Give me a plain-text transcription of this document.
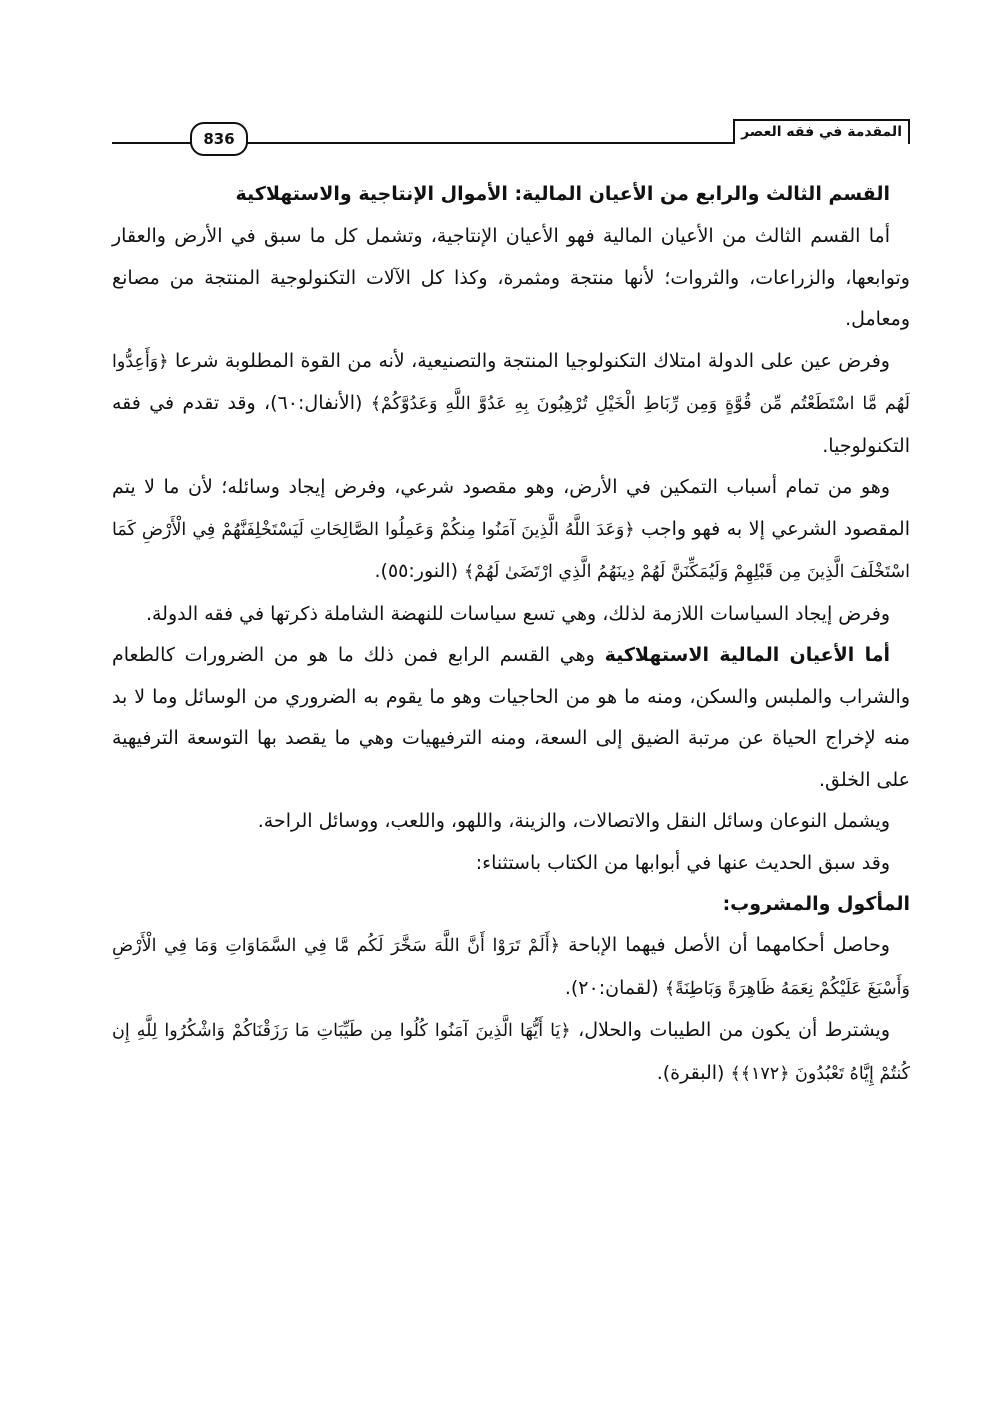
المقدمة في فقه العصر
836

القسم الثالث والرابع من الأعيان المالية: الأموال الإنتاجية والاستهلاكية

أما القسم الثالث من الأعيان المالية فهو الأعيان الإنتاجية، وتشمل كل ما سبق في الأرض والعقار وتوابعها، والزراعات، والثروات؛ لأنها منتجة ومثمرة، وكذا كل الآلات التكنولوجية المنتجة من مصانع ومعامل.

وفرض عين على الدولة امتلاك التكنولوجيا المنتجة والتصنيعية، لأنه من القوة المطلوبة شرعا ﴿وَأَعِدُّوا لَهُم مَّا اسْتَطَعْتُم مِّن قُوَّةٍ وَمِن رِّبَاطِ الْخَيْلِ تُرْهِبُونَ بِهِ عَدُوَّ اللَّهِ وَعَدُوَّكُمْ﴾ (الأنفال:٦٠)، وقد تقدم في فقه التكنولوجيا.

وهو من تمام أسباب التمكين في الأرض، وهو مقصود شرعي، وفرض إيجاد وسائله؛ لأن ما لا يتم المقصود الشرعي إلا به فهو واجب ﴿وَعَدَ اللَّهُ الَّذِينَ آمَنُوا مِنكُمْ وَعَمِلُوا الصَّالِحَاتِ لَيَسْتَخْلِفَنَّهُمْ فِي الْأَرْضِ كَمَا اسْتَخْلَفَ الَّذِينَ مِن قَبْلِهِمْ وَلَيُمَكِّنَنَّ لَهُمْ دِينَهُمُ الَّذِي ارْتَضَىٰ لَهُمْ﴾ (النور:٥٥).

وفرض إيجاد السياسات اللازمة لذلك، وهي تسع سياسات للنهضة الشاملة ذكرتها في فقه الدولة.

أما الأعيان المالية الاستهلاكية وهي القسم الرابع فمن ذلك ما هو من الضرورات كالطعام والشراب والملبس والسكن، ومنه ما هو من الحاجيات وهو ما يقوم به الضروري من الوسائل وما لا بد منه لإخراج الحياة عن مرتبة الضيق إلى السعة، ومنه الترفيهيات وهي ما يقصد بها التوسعة الترفيهية على الخلق.

ويشمل النوعان وسائل النقل والاتصالات، والزينة، واللهو، واللعب، ووسائل الراحة.

وقد سبق الحديث عنها في أبوابها من الكتاب باستثناء:

المأكول والمشروب:

وحاصل أحكامهما أن الأصل فيهما الإباحة ﴿أَلَمْ تَرَوْا أَنَّ اللَّهَ سَخَّرَ لَكُم مَّا فِي السَّمَاوَاتِ وَمَا فِي الْأَرْضِ وَأَسْبَغَ عَلَيْكُمْ نِعَمَهُ ظَاهِرَةً وَبَاطِنَةً﴾ (لقمان:٢٠).

ويشترط أن يكون من الطيبات والحلال، ﴿يَا أَيُّهَا الَّذِينَ آمَنُوا كُلُوا مِن طَيِّبَاتِ مَا رَزَقْنَاكُمْ وَاشْكُرُوا لِلَّهِ إِن كُنتُمْ إِيَّاهُ تَعْبُدُونَ ﴿١٧٢﴾﴾ (البقرة).
